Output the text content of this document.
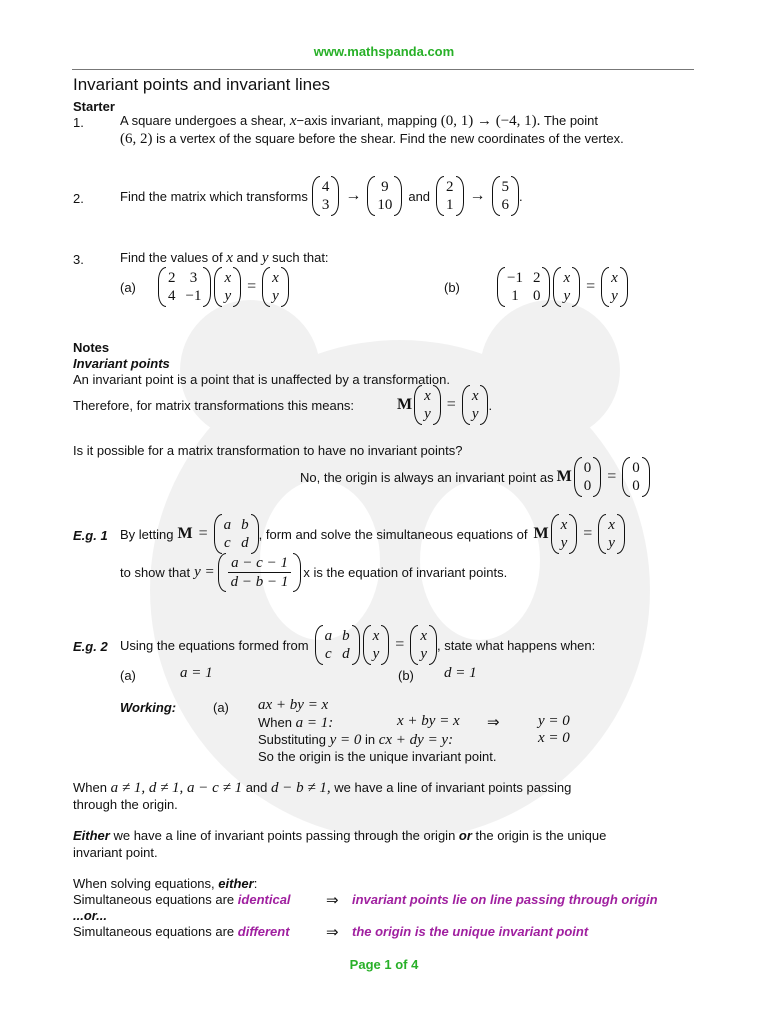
www.mathspanda.com
Invariant points and invariant lines
Starter
1.	A square undergoes a shear, x−axis invariant, mapping (0, 1) → (−4, 1). The point
(6, 2) is a vertex of the square before the shear. Find the new coordinates of the vertex.
2.	Find the matrix which transforms
4
3
→ 9
10
and
2
1
→ 5
6
.
3.	Find the values of x and y such that:
(a)
2 3
4 −1
x
y
= x
y
(b)
−1 2
1 0
x
y
= x
y
Notes
Invariant points
An invariant point is a point that is unaffected by a transformation.
Therefore, for matrix transformations this means:	M x
y
= x
y
.
Is it possible for a matrix transformation to have no invariant points?
No, the origin is always an invariant point as M 0
0
= 0
0
E.g. 1 By letting M = a b
c d
, form and solve the simultaneous equations of M x
y
= x
y
to show that $y = \frac{a - c - 1}{d - b - 1}$ x is the equation of invariant points.
E.g. 2 Using the equations formed from
a b
c d
x
y
= x
y
, state what happens when:
(a)	a = 1	(b) d = 1
Working:	(a) ax + by = x
When a = 1:	x + by = x ⇒	y = 0
Substituting y = 0 in cx + dy = y:	x = 0
So the origin is the unique invariant point.
When a ≠ 1, d ≠ 1, a − c ≠ 1 and d − b ≠ 1, we have a line of invariant points passing
through the origin.
Either we have a line of invariant points passing through the origin or the origin is the unique
invariant point.
When solving equations, either:
Simultaneous equations are identical ⇒ invariant points lie on line passing through origin
...or...
Simultaneous equations are different ⇒ the origin is the unique invariant point
Page 1 of 4
